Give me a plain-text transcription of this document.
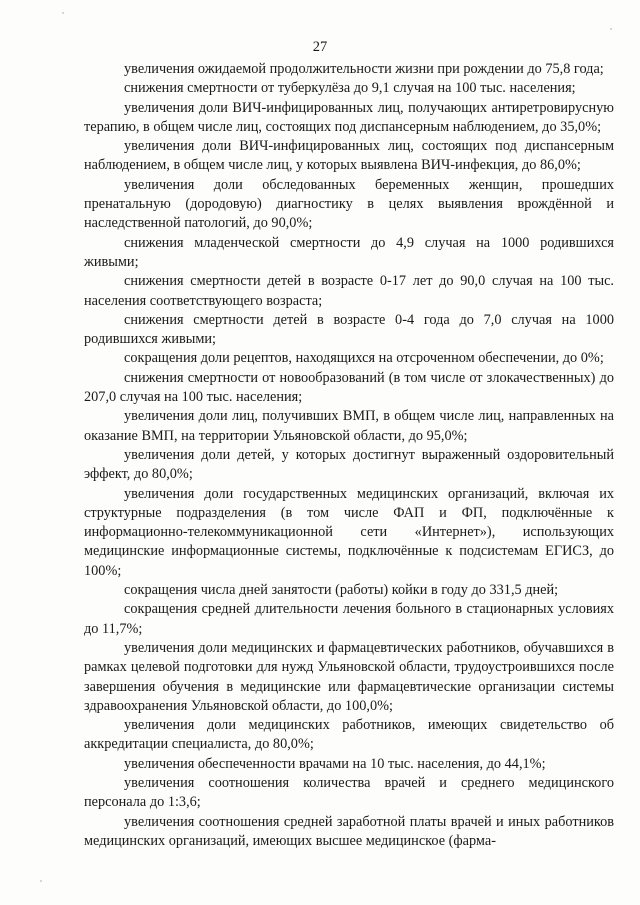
27

увеличения ожидаемой продолжительности жизни при рождении до 75,8 года;

снижения смертности от туберкулёза до 9,1 случая на 100 тыс. населения;

увеличения доли ВИЧ-инфицированных лиц, получающих антиретровирусную терапию, в общем числе лиц, состоящих под диспансерным наблюдением, до 35,0%;

увеличения доли ВИЧ-инфицированных лиц, состоящих под диспансерным наблюдением, в общем числе лиц, у которых выявлена ВИЧ-инфекция, до 86,0%;

увеличения доли обследованных беременных женщин, прошедших пренатальную (дородовую) диагностику в целях выявления врождённой и наследственной патологий, до 90,0%;

снижения младенческой смертности до 4,9 случая на 1000 родившихся живыми;

снижения смертности детей в возрасте 0-17 лет до 90,0 случая на 100 тыс. населения соответствующего возраста;

снижения смертности детей в возрасте 0-4 года до 7,0 случая на 1000 родившихся живыми;

сокращения доли рецептов, находящихся на отсроченном обеспечении, до 0%;

снижения смертности от новообразований (в том числе от злокачественных) до 207,0 случая на 100 тыс. населения;

увеличения доли лиц, получивших ВМП, в общем числе лиц, направленных на оказание ВМП, на территории Ульяновской области, до 95,0%;

увеличения доли детей, у которых достигнут выраженный оздоровительный эффект, до 80,0%;

увеличения доли государственных медицинских организаций, включая их структурные подразделения (в том числе ФАП и ФП, подключённые к информационно-телекоммуникационной сети «Интернет»), использующих медицинские информационные системы, подключённые к подсистемам ЕГИСЗ, до 100%;

сокращения числа дней занятости (работы) койки в году до 331,5 дней;

сокращения средней длительности лечения больного в стационарных условиях до 11,7%;

увеличения доли медицинских и фармацевтических работников, обучавшихся в рамках целевой подготовки для нужд Ульяновской области, трудоустроившихся после завершения обучения в медицинские или фармацевтические организации системы здравоохранения Ульяновской области, до 100,0%;

увеличения доли медицинских работников, имеющих свидетельство об аккредитации специалиста, до 80,0%;

увеличения обеспеченности врачами на 10 тыс. населения, до 44,1%;

увеличения соотношения количества врачей и среднего медицинского персонала до 1:3,6;

увеличения соотношения средней заработной платы врачей и иных работников медицинских организаций, имеющих высшее медицинское (фарма-
